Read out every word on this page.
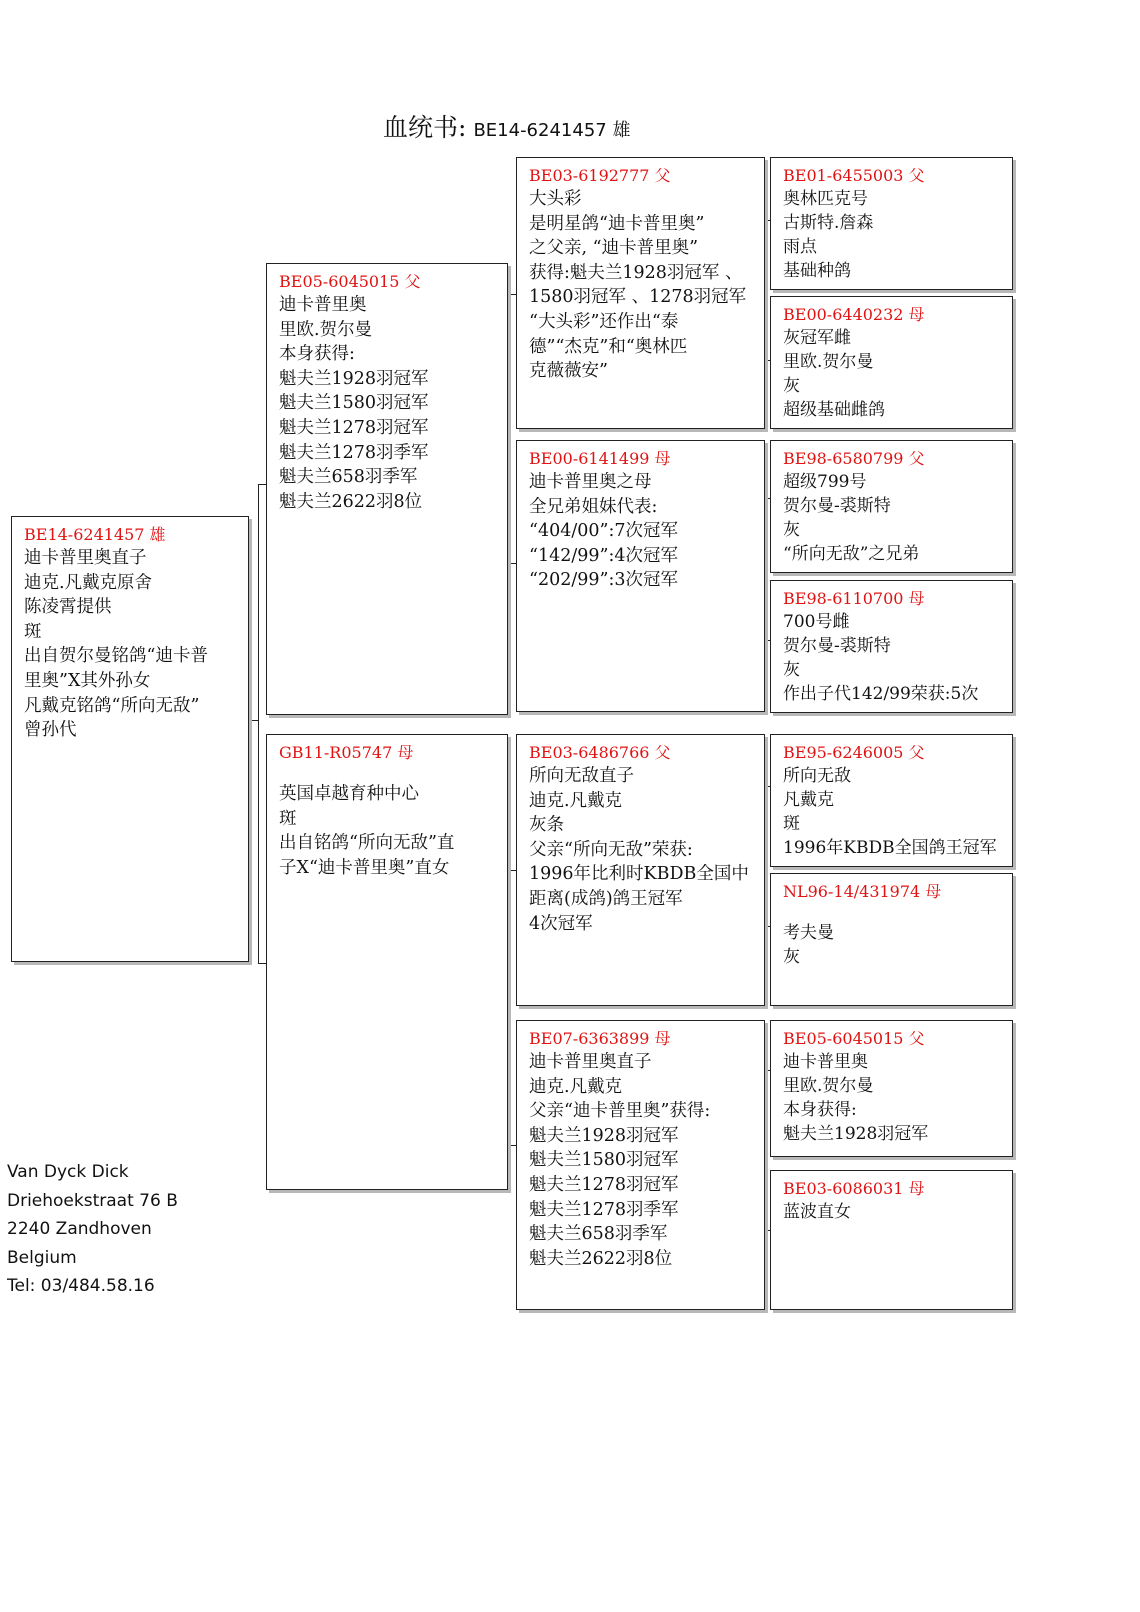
血统书: BE14-6241457 雄
BE14-6241457 雄
迪卡普里奥直子
迪克.凡戴克原舍
陈凌霄提供
斑
出自贺尔曼铭鸽“迪卡普
里奥”X其外孙女
凡戴克铭鸽“所向无敌”
曾孙代
BE05-6045015 父
迪卡普里奥
里欧.贺尔曼
本身获得:
魁夫兰1928羽冠军
魁夫兰1580羽冠军
魁夫兰1278羽冠军
魁夫兰1278羽季军
魁夫兰658羽季军
魁夫兰2622羽8位
GB11-R05747 母
英国卓越育种中心
斑
出自铭鸽“所向无敌”直
子X“迪卡普里奥”直女
BE03-6192777 父
大头彩
是明星鸽“迪卡普里奥”
之父亲, “迪卡普里奥”
获得:魁夫兰1928羽冠军 、
1580羽冠军 、1278羽冠军
“大头彩”还作出“泰
德”“杰克”和“奥林匹
克薇薇安”
BE00-6141499 母
迪卡普里奥之母
全兄弟姐妹代表:
“404/00”:7次冠军
“142/99”:4次冠军
“202/99”:3次冠军
BE03-6486766 父
所向无敌直子
迪克.凡戴克
灰条
父亲“所向无敌”荣获:
1996年比利时KBDB全国中
距离(成鸽)鸽王冠军
4次冠军
BE07-6363899 母
迪卡普里奥直子
迪克.凡戴克
父亲“迪卡普里奥”获得:
魁夫兰1928羽冠军
魁夫兰1580羽冠军
魁夫兰1278羽冠军
魁夫兰1278羽季军
魁夫兰658羽季军
魁夫兰2622羽8位
BE01-6455003 父
奥林匹克号
古斯特.詹森
雨点
基础种鸽
BE00-6440232 母
灰冠军雌
里欧.贺尔曼
灰
超级基础雌鸽
BE98-6580799 父
超级799号
贺尔曼-裘斯特
灰
“所向无敌”之兄弟
BE98-6110700 母
700号雌
贺尔曼-裘斯特
灰
作出子代142/99荣获:5次
BE95-6246005 父
所向无敌
凡戴克
斑
1996年KBDB全国鸽王冠军
NL96-14/431974 母
考夫曼
灰
BE05-6045015 父
迪卡普里奥
里欧.贺尔曼
本身获得:
魁夫兰1928羽冠军
BE03-6086031 母
蓝波直女
Van Dyck Dick
Driehoekstraat 76 B
2240 Zandhoven
Belgium
Tel: 03/484.58.16
